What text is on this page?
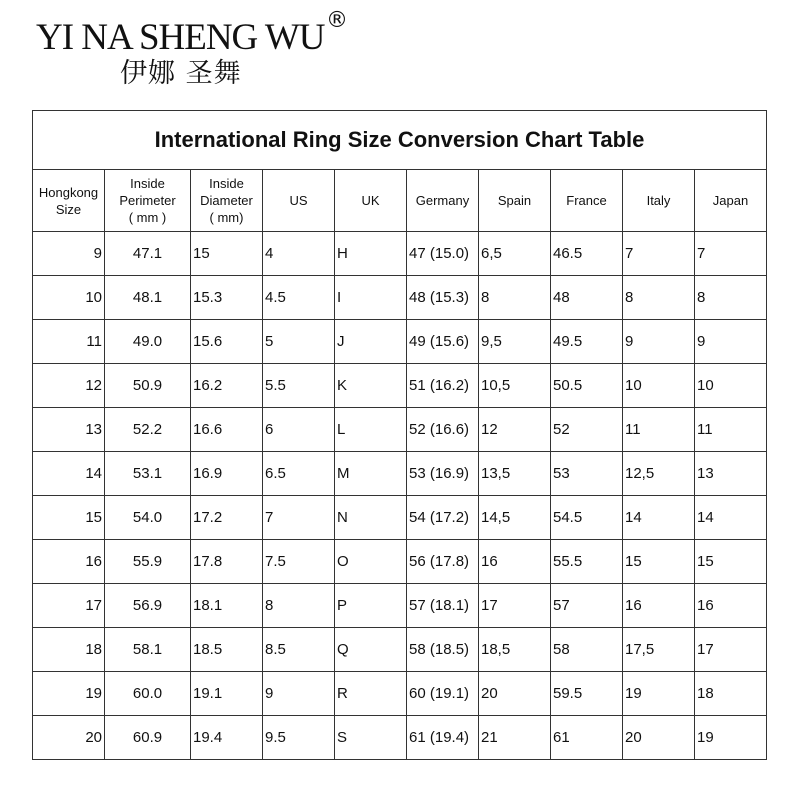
YI NA SHENG WU ®
伊娜 圣舞
International Ring Size Conversion Chart Table									
Hongkong
Size	Inside
Perimeter
( mm )	Inside
Diameter
( mm)	US	UK	Germany	Spain	France	Italy	Japan

9	47.1	15	4	H	47 (15.0)	6,5	46.5	7	7
10	48.1	15.3	4.5	I	48 (15.3)	8	48	8	8
11	49.0	15.6	5	J	49 (15.6)	9,5	49.5	9	9
12	50.9	16.2	5.5	K	51 (16.2)	10,5	50.5	10	10
13	52.2	16.6	6	L	52 (16.6)	12	52	11	11
14	53.1	16.9	6.5	M	53 (16.9)	13,5	53	12,5	13
15	54.0	17.2	7	N	54 (17.2)	14,5	54.5	14	14
16	55.9	17.8	7.5	O	56 (17.8)	16	55.5	15	15
17	56.9	18.1	8	P	57 (18.1)	17	57	16	16
18	58.1	18.5	8.5	Q	58 (18.5)	18,5	58	17,5	17
19	60.0	19.1	9	R	60 (19.1)	20	59.5	19	18
20	60.9	19.4	9.5	S	61 (19.4)	21	61	20	19
